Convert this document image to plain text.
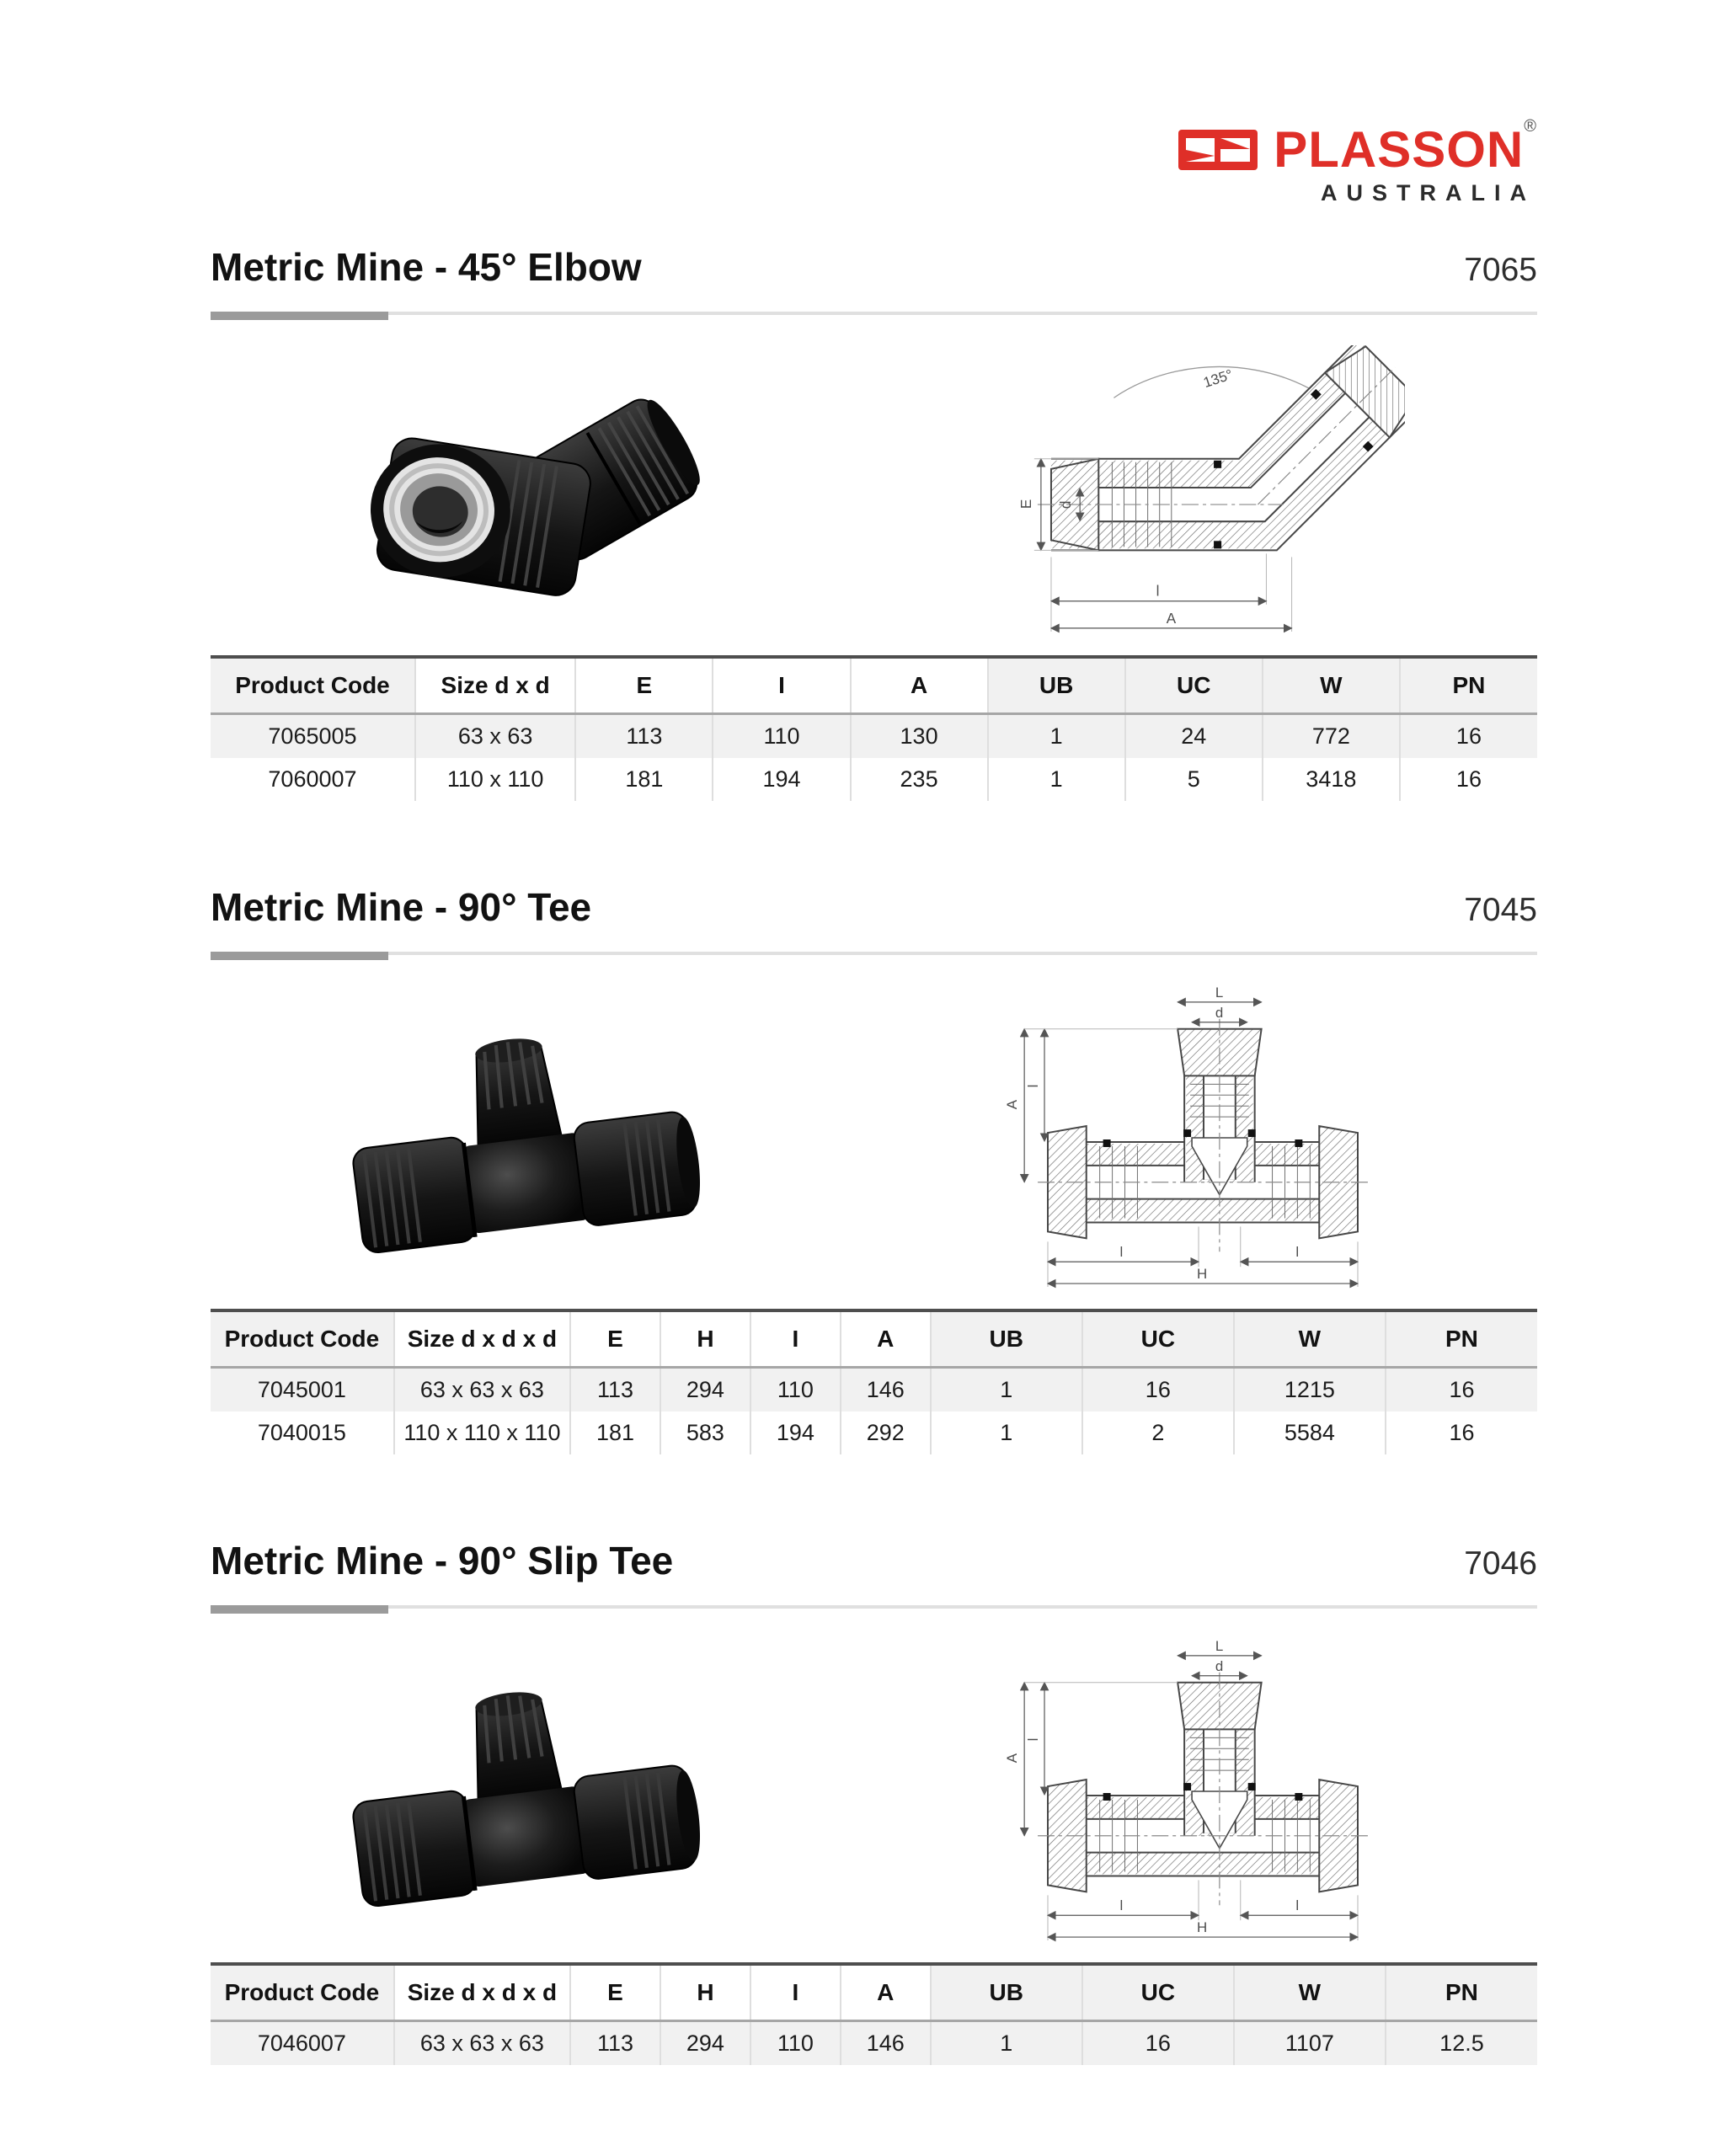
PLASSON®
AUSTRALIA
Metric Mine - 45° Elbow	7065
135°
E d
l
A
Product Code	Size d x d	E	I	A	UB	UC	W	PN
7065005	63 x 63	113	110	130	1	24	772	16
7060007	110 x 110	181	194	235	1	5	3418	16
Metric Mine - 90° Tee	7045
L
d
A
l
l	l
H
Product Code	Size d x d x d	E	H	I	A	UB	UC	W	PN
7045001	63 x 63 x 63	113	294	110	146	1	16	1215	16
7040015	110 x 110 x 110	181	583	194	292	1	2	5584	16
Metric Mine - 90° Slip Tee	7046
L
d
A
l
l	l
H
Product Code	Size d x d x d	E	H	I	A	UB	UC	W	PN
7046007	63 x 63 x 63	113	294	110	146	1	16	1107	12.5
